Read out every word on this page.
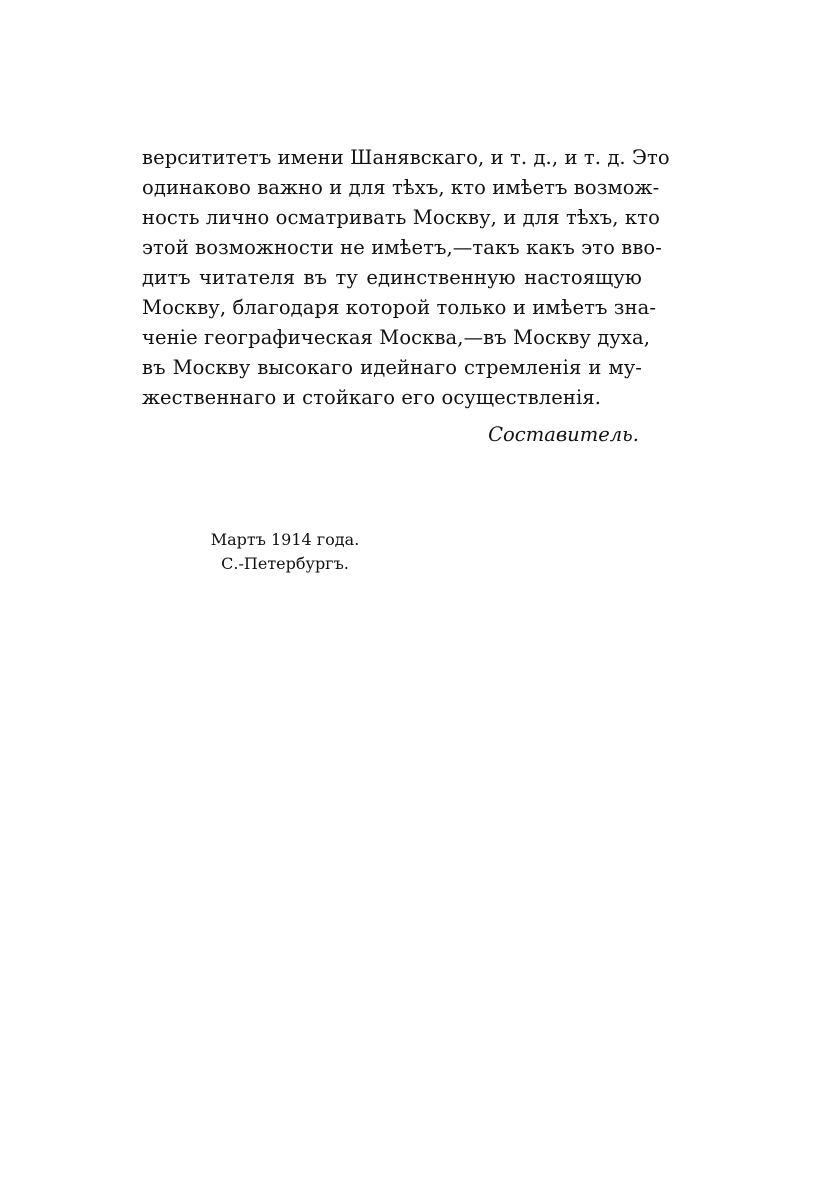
версититетъ имени Шанявскаго, и т. д., и т. д. Это
одинаково важно и для тѣхъ, кто имѣетъ возмож-
ность лично осматривать Москву, и для тѣхъ, кто
этой возможности не имѣетъ,—такъ какъ это вво-
дитъ читателя въ ту единственную настоящую
Москву, благодаря которой только и имѣетъ зна-
ченіе географическая Москва,—въ Москву духа,
въ Москву высокаго идейнаго стремленія и му-
жественнаго и стойкаго его осуществленія.
Составитель.
Мартъ 1914 года.
С.-Петербургъ.
